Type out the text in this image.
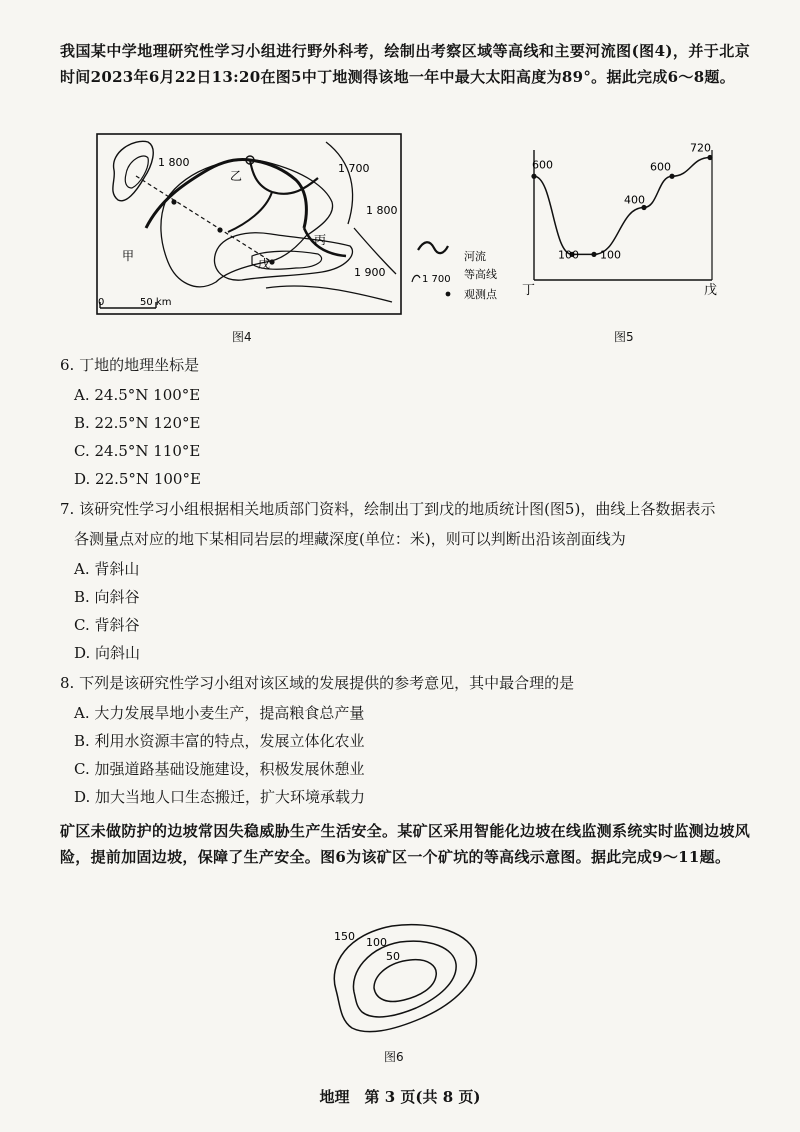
我国某中学地理研究性学习小组进行野外科考，绘制出考察区域等高线和主要河流图(图4)，并于北京时间2023年6月22日13:20在图5中丁地测得该地一年中最大太阳高度为89°。据此完成6～8题。
1 800	1 700
1 800
1 900
甲
乙
丙
戊
0	50 km
河流
1 700 等高线
观测点
图4
600
100 100
400
600
720
丁	戊
图5
6. 丁地的地理坐标是
A. 24.5°N 100°E
B. 22.5°N 120°E
C. 24.5°N 110°E
D. 22.5°N 100°E
7. 该研究性学习小组根据相关地质部门资料，绘制出丁到戊的地质统计图(图5)，曲线上各数据表示
各测量点对应的地下某相同岩层的埋藏深度(单位：米)，则可以判断出沿该剖面线为
A. 背斜山
B. 向斜谷
C. 背斜谷
D. 向斜山
8. 下列是该研究性学习小组对该区域的发展提供的参考意见，其中最合理的是
A. 大力发展旱地小麦生产，提高粮食总产量
B. 利用水资源丰富的特点，发展立体化农业
C. 加强道路基础设施建设，积极发展休憩业
D. 加大当地人口生态搬迁，扩大环境承载力
矿区未做防护的边坡常因失稳威胁生产生活安全。某矿区采用智能化边坡在线监测系统实时监测边坡风险，提前加固边坡，保障了生产安全。图6为该矿区一个矿坑的等高线示意图。据此完成9～11题。
150 100
50
图6
地理　第 3 页(共 8 页)
